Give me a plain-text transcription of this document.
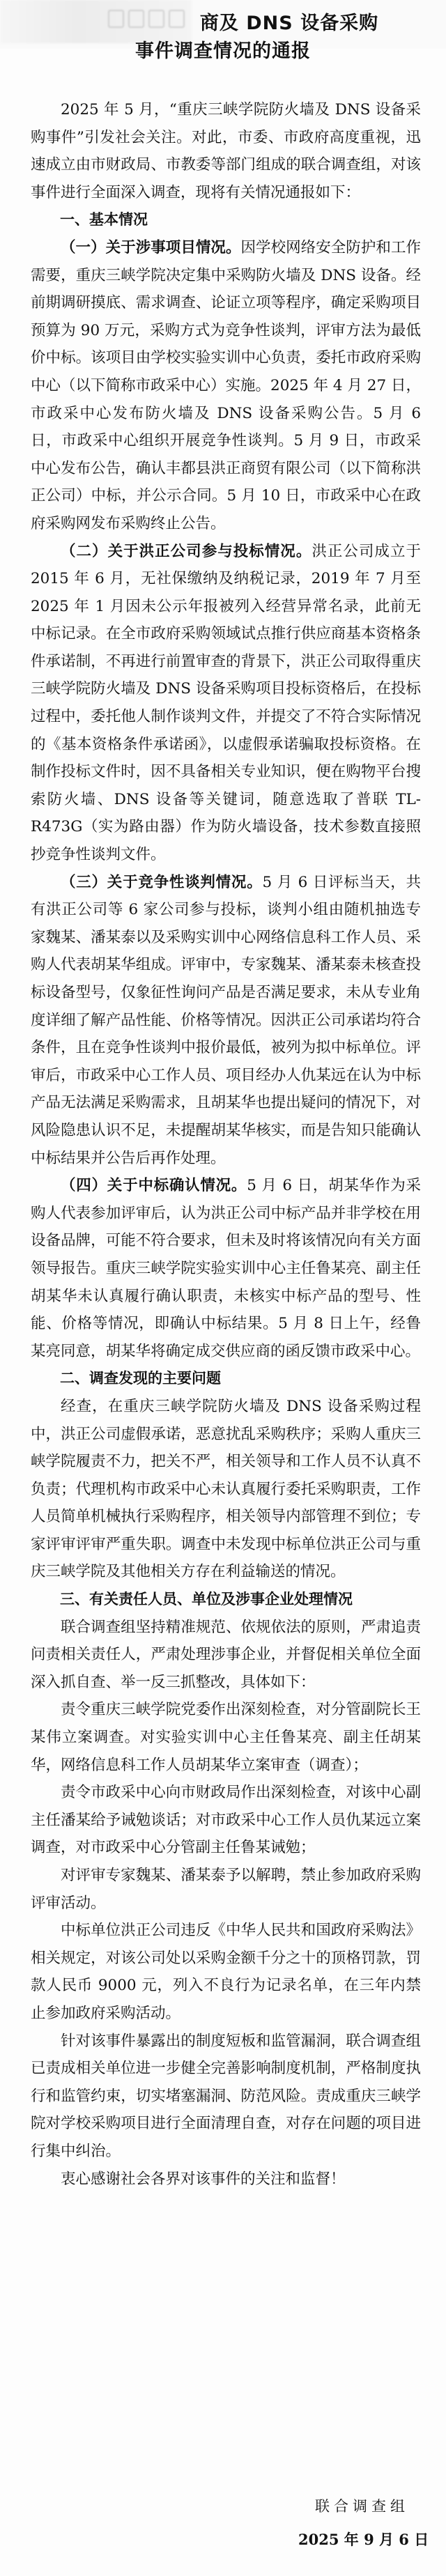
商及 DNS 设备采购
事件调查情况的通报

2025 年 5 月，“重庆三峡学院防火墙及 DNS 设备采购事件”引发社会关注。对此，市委、市政府高度重视，迅速成立由市财政局、市教委等部门组成的联合调查组，对该事件进行全面深入调查，现将有关情况通报如下：

一、基本情况

（一）关于涉事项目情况。因学校网络安全防护和工作需要，重庆三峡学院决定集中采购防火墙及 DNS 设备。经前期调研摸底、需求调查、论证立项等程序，确定采购项目预算为 90 万元，采购方式为竞争性谈判，评审方法为最低价中标。该项目由学校实验实训中心负责，委托市政府采购中心（以下简称市政采中心）实施。2025 年 4 月 27 日，市政采中心发布防火墙及 DNS 设备采购公告。5 月 6 日，市政采中心组织开展竞争性谈判。5 月 9 日，市政采中心发布公告，确认丰都县洪正商贸有限公司（以下简称洪正公司）中标，并公示合同。5 月 10 日，市政采中心在政府采购网发布采购终止公告。

（二）关于洪正公司参与投标情况。洪正公司成立于 2015 年 6 月，无社保缴纳及纳税记录，2019 年 7 月至 2025 年 1 月因未公示年报被列入经营异常名录，此前无中标记录。在全市政府采购领域试点推行供应商基本资格条件承诺制，不再进行前置审查的背景下，洪正公司取得重庆三峡学院防火墙及 DNS 设备采购项目投标资格后，在投标过程中，委托他人制作谈判文件，并提交了不符合实际情况的《基本资格条件承诺函》，以虚假承诺骗取投标资格。在制作投标文件时，因不具备相关专业知识，便在购物平台搜索防火墙、DNS 设备等关键词，随意选取了普联 TL-R473G（实为路由器）作为防火墙设备，技术参数直接照抄竞争性谈判文件。

（三）关于竞争性谈判情况。5 月 6 日评标当天，共有洪正公司等 6 家公司参与投标，谈判小组由随机抽选专家魏某、潘某泰以及采购实训中心网络信息科工作人员、采购人代表胡某华组成。评审中，专家魏某、潘某泰未核查投标设备型号，仅象征性询问产品是否满足要求，未从专业角度详细了解产品性能、价格等情况。因洪正公司承诺均符合条件，且在竞争性谈判中报价最低，被列为拟中标单位。评审后，市政采中心工作人员、项目经办人仇某远在认为中标产品无法满足采购需求，且胡某华也提出疑问的情况下，对风险隐患认识不足，未提醒胡某华核实，而是告知只能确认中标结果并公告后再作处理。

（四）关于中标确认情况。5 月 6 日，胡某华作为采购人代表参加评审后，认为洪正公司中标产品并非学校在用设备品牌，可能不符合要求，但未及时将该情况向有关方面领导报告。重庆三峡学院实验实训中心主任鲁某亮、副主任胡某华未认真履行确认职责，未核实中标产品的型号、性能、价格等情况，即确认中标结果。5 月 8 日上午，经鲁某亮同意，胡某华将确定成交供应商的函反馈市政采中心。

二、调查发现的主要问题

经查，在重庆三峡学院防火墙及 DNS 设备采购过程中，洪正公司虚假承诺，恶意扰乱采购秩序；采购人重庆三峡学院履责不力，把关不严，相关领导和工作人员不认真不负责；代理机构市政采中心未认真履行委托采购职责，工作人员简单机械执行采购程序，相关领导内部管理不到位；专家评审评审严重失职。调查中未发现中标单位洪正公司与重庆三峡学院及其他相关方存在利益输送的情况。

三、有关责任人员、单位及涉事企业处理情况

联合调查组坚持精准规范、依规依法的原则，严肃追责问责相关责任人，严肃处理涉事企业，并督促相关单位全面深入抓自查、举一反三抓整改，具体如下：

责令重庆三峡学院党委作出深刻检查，对分管副院长王某伟立案调查。对实验实训中心主任鲁某亮、副主任胡某华，网络信息科工作人员胡某华立案审查（调查）；

责令市政采中心向市财政局作出深刻检查，对该中心副主任潘某给予诫勉谈话；对市政采中心工作人员仇某远立案调查，对市政采中心分管副主任鲁某诫勉；

对评审专家魏某、潘某泰予以解聘，禁止参加政府采购评审活动。

中标单位洪正公司违反《中华人民共和国政府采购法》相关规定，对该公司处以采购金额千分之十的顶格罚款，罚款人民币 9000 元，列入不良行为记录名单，在三年内禁止参加政府采购活动。

针对该事件暴露出的制度短板和监管漏洞，联合调查组已责成相关单位进一步健全完善影响制度机制，严格制度执行和监管约束，切实堵塞漏洞、防范风险。责成重庆三峡学院对学校采购项目进行全面清理自查，对存在问题的项目进行集中纠治。

衷心感谢社会各界对该事件的关注和监督！

联合调查组
2025 年 9 月 6 日
